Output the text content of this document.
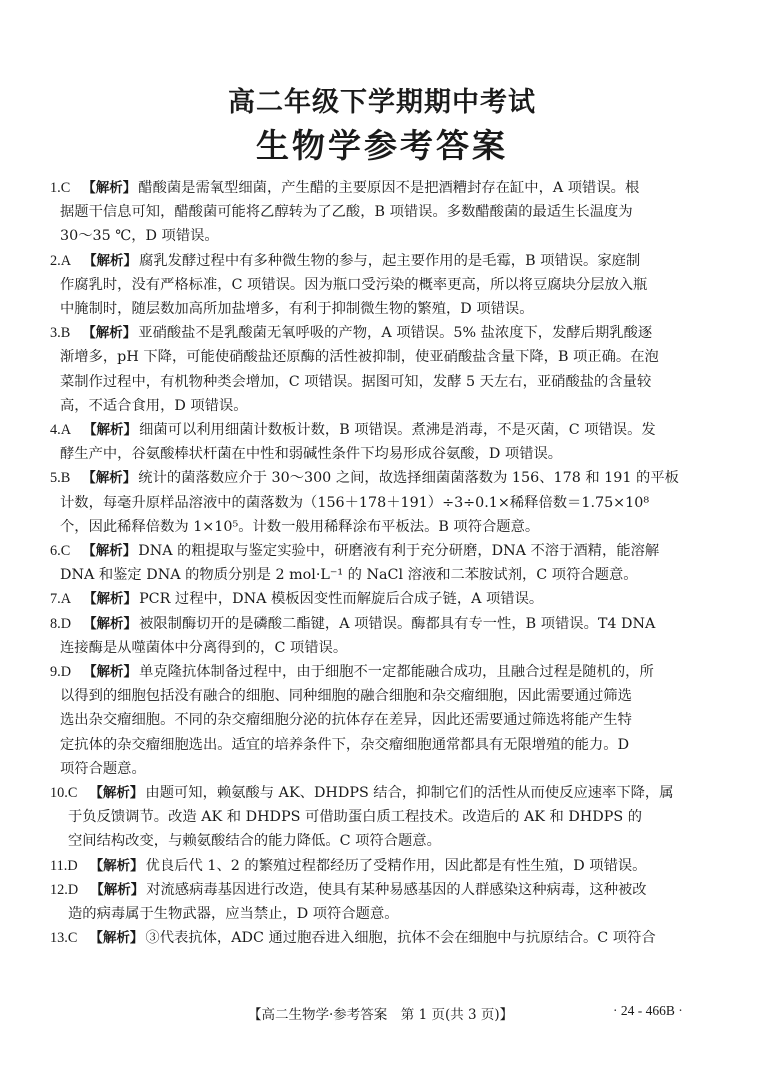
高二年级下学期期中考试
生物学参考答案
1.C 【解析】 醋酸菌是需氧型细菌，产生醋的主要原因不是把酒糟封存在缸中，A 项错误。根
据题干信息可知，醋酸菌可能将乙醇转为了乙酸，B 项错误。多数醋酸菌的最适生长温度为
30～35 ℃，D 项错误。
2.A 【解析】 腐乳发酵过程中有多种微生物的参与，起主要作用的是毛霉，B 项错误。家庭制
作腐乳时，没有严格标准，C 项错误。因为瓶口受污染的概率更高，所以将豆腐块分层放入瓶
中腌制时，随层数加高所加盐增多，有利于抑制微生物的繁殖，D 项错误。
3.B 【解析】 亚硝酸盐不是乳酸菌无氧呼吸的产物，A 项错误。5% 盐浓度下，发酵后期乳酸逐
渐增多，pH 下降，可能使硝酸盐还原酶的活性被抑制，使亚硝酸盐含量下降，B 项正确。在泡
菜制作过程中，有机物种类会增加，C 项错误。据图可知，发酵 5 天左右，亚硝酸盐的含量较
高，不适合食用，D 项错误。
4.A 【解析】 细菌可以利用细菌计数板计数，B 项错误。煮沸是消毒，不是灭菌，C 项错误。发
酵生产中，谷氨酸棒状杆菌在中性和弱碱性条件下均易形成谷氨酸，D 项错误。
5.B 【解析】 统计的菌落数应介于 30～300 之间，故选择细菌菌落数为 156、178 和 191 的平板
计数，每毫升原样品溶液中的菌落数为（156＋178＋191）÷3÷0.1×稀释倍数＝1.75×10⁸
个，因此稀释倍数为 1×10⁵。计数一般用稀释涂布平板法。B 项符合题意。
6.C 【解析】 DNA 的粗提取与鉴定实验中，研磨液有利于充分研磨，DNA 不溶于酒精，能溶解
DNA 和鉴定 DNA 的物质分别是 2 mol·L⁻¹ 的 NaCl 溶液和二苯胺试剂，C 项符合题意。
7.A 【解析】 PCR 过程中，DNA 模板因变性而解旋后合成子链，A 项错误。
8.D 【解析】 被限制酶切开的是磷酸二酯键，A 项错误。酶都具有专一性，B 项错误。T4 DNA
连接酶是从噬菌体中分离得到的，C 项错误。
9.D 【解析】 单克隆抗体制备过程中，由于细胞不一定都能融合成功，且融合过程是随机的，所
以得到的细胞包括没有融合的细胞、同种细胞的融合细胞和杂交瘤细胞，因此需要通过筛选
选出杂交瘤细胞。不同的杂交瘤细胞分泌的抗体存在差异，因此还需要通过筛选将能产生特
定抗体的杂交瘤细胞选出。适宜的培养条件下，杂交瘤细胞通常都具有无限增殖的能力。D
项符合题意。
10.C 【解析】 由题可知，赖氨酸与 AK、DHDPS 结合，抑制它们的活性从而使反应速率下降，属
于负反馈调节。改造 AK 和 DHDPS 可借助蛋白质工程技术。改造后的 AK 和 DHDPS 的
空间结构改变，与赖氨酸结合的能力降低。C 项符合题意。
11.D 【解析】 优良后代 1、2 的繁殖过程都经历了受精作用，因此都是有性生殖，D 项错误。
12.D 【解析】 对流感病毒基因进行改造，使具有某种易感基因的人群感染这种病毒，这种被改
造的病毒属于生物武器，应当禁止，D 项符合题意。
13.C 【解析】 ③代表抗体，ADC 通过胞吞进入细胞，抗体不会在细胞中与抗原结合。C 项符合
【高二生物学·参考答案　第 1 页(共 3 页)】	· 24 - 466B ·
